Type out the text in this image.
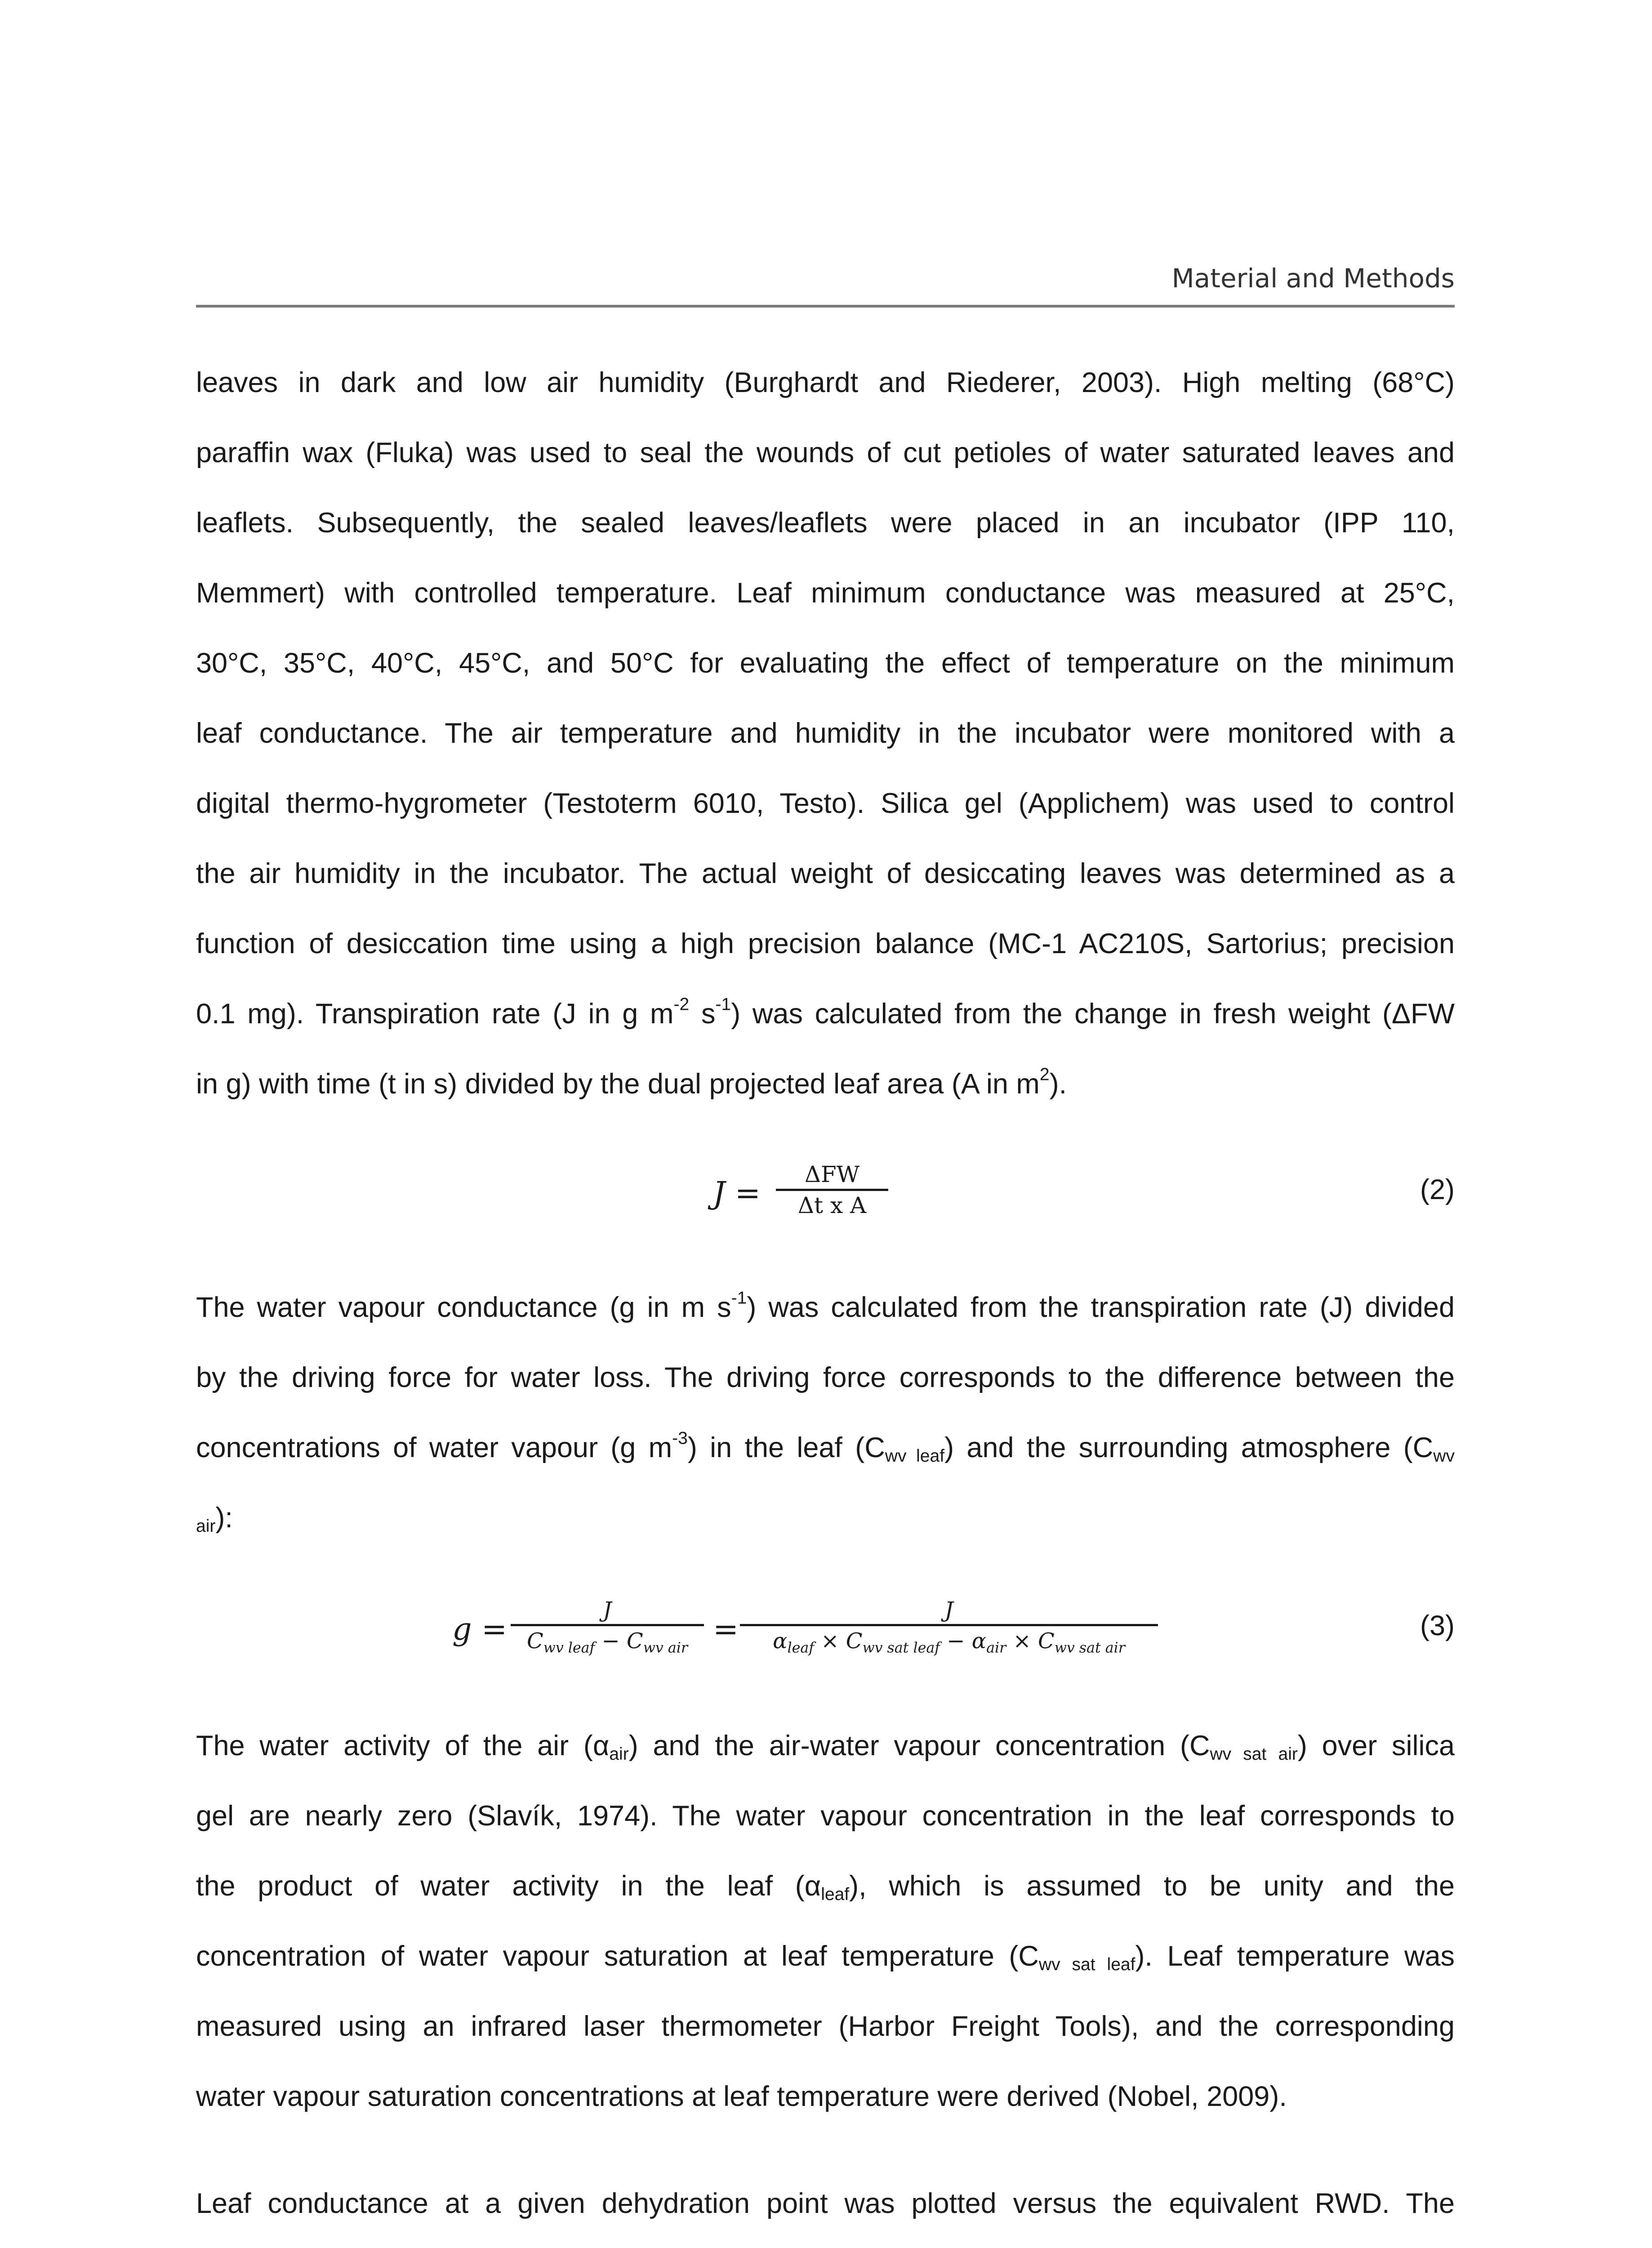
Material and Methods
leaves in dark and low air humidity (Burghardt and Riederer, 2003). High melting (68°C)
paraffin wax (Fluka) was used to seal the wounds of cut petioles of water saturated leaves and
leaflets. Subsequently, the sealed leaves/leaflets were placed in an incubator (IPP 110,
Memmert) with controlled temperature. Leaf minimum conductance was measured at 25°C,
30°C, 35°C, 40°C, 45°C, and 50°C for evaluating the effect of temperature on the minimum
leaf conductance. The air temperature and humidity in the incubator were monitored with a
digital thermo-hygrometer (Testoterm 6010, Testo). Silica gel (Applichem) was used to control
the air humidity in the incubator. The actual weight of desiccating leaves was determined as a
function of desiccation time using a high precision balance (MC-1 AC210S, Sartorius; precision
0.1 mg). Transpiration rate (J in g $m^{-2}$ $s^{-1}$) was calculated from the change in fresh weight (ΔFW
in g) with time (t in s) divided by the dual projected leaf area (A in $m^2$).
J =
ΔFW
Δt x A	(2)
The water vapour conductance (g in m $s^{-1}$) was calculated from the transpiration rate (J) divided
by the driving force for water loss. The driving force corresponds to the difference between the
concentrations of water vapour (g $m^{-3}$) in the leaf $(C_{wv leaf})$ and the surrounding atmosphere ($C_{wv}$
$_{air}$):
g =
J
Cwv leaf − Cwv air
=
J
αleaf × Cwv sat leaf − αair × Cwv sat air
(3)
The water activity of the air $(\alpha_{air})$ and the air-water vapour concentration $(C_{wv sat air})$ over silica
gel are nearly zero (Slavík, 1974). The water vapour concentration in the leaf corresponds to
the product of water activity in the leaf $(\alpha_{leaf})$, which is assumed to be unity and the
concentration of water vapour saturation at leaf temperature $(C_{wv sat leaf})$. Leaf temperature was
measured using an infrared laser thermometer (Harbor Freight Tools), and the corresponding
water vapour saturation concentrations at leaf temperature were derived (Nobel, 2009).
Leaf conductance at a given dehydration point was plotted versus the equivalent RWD. The
